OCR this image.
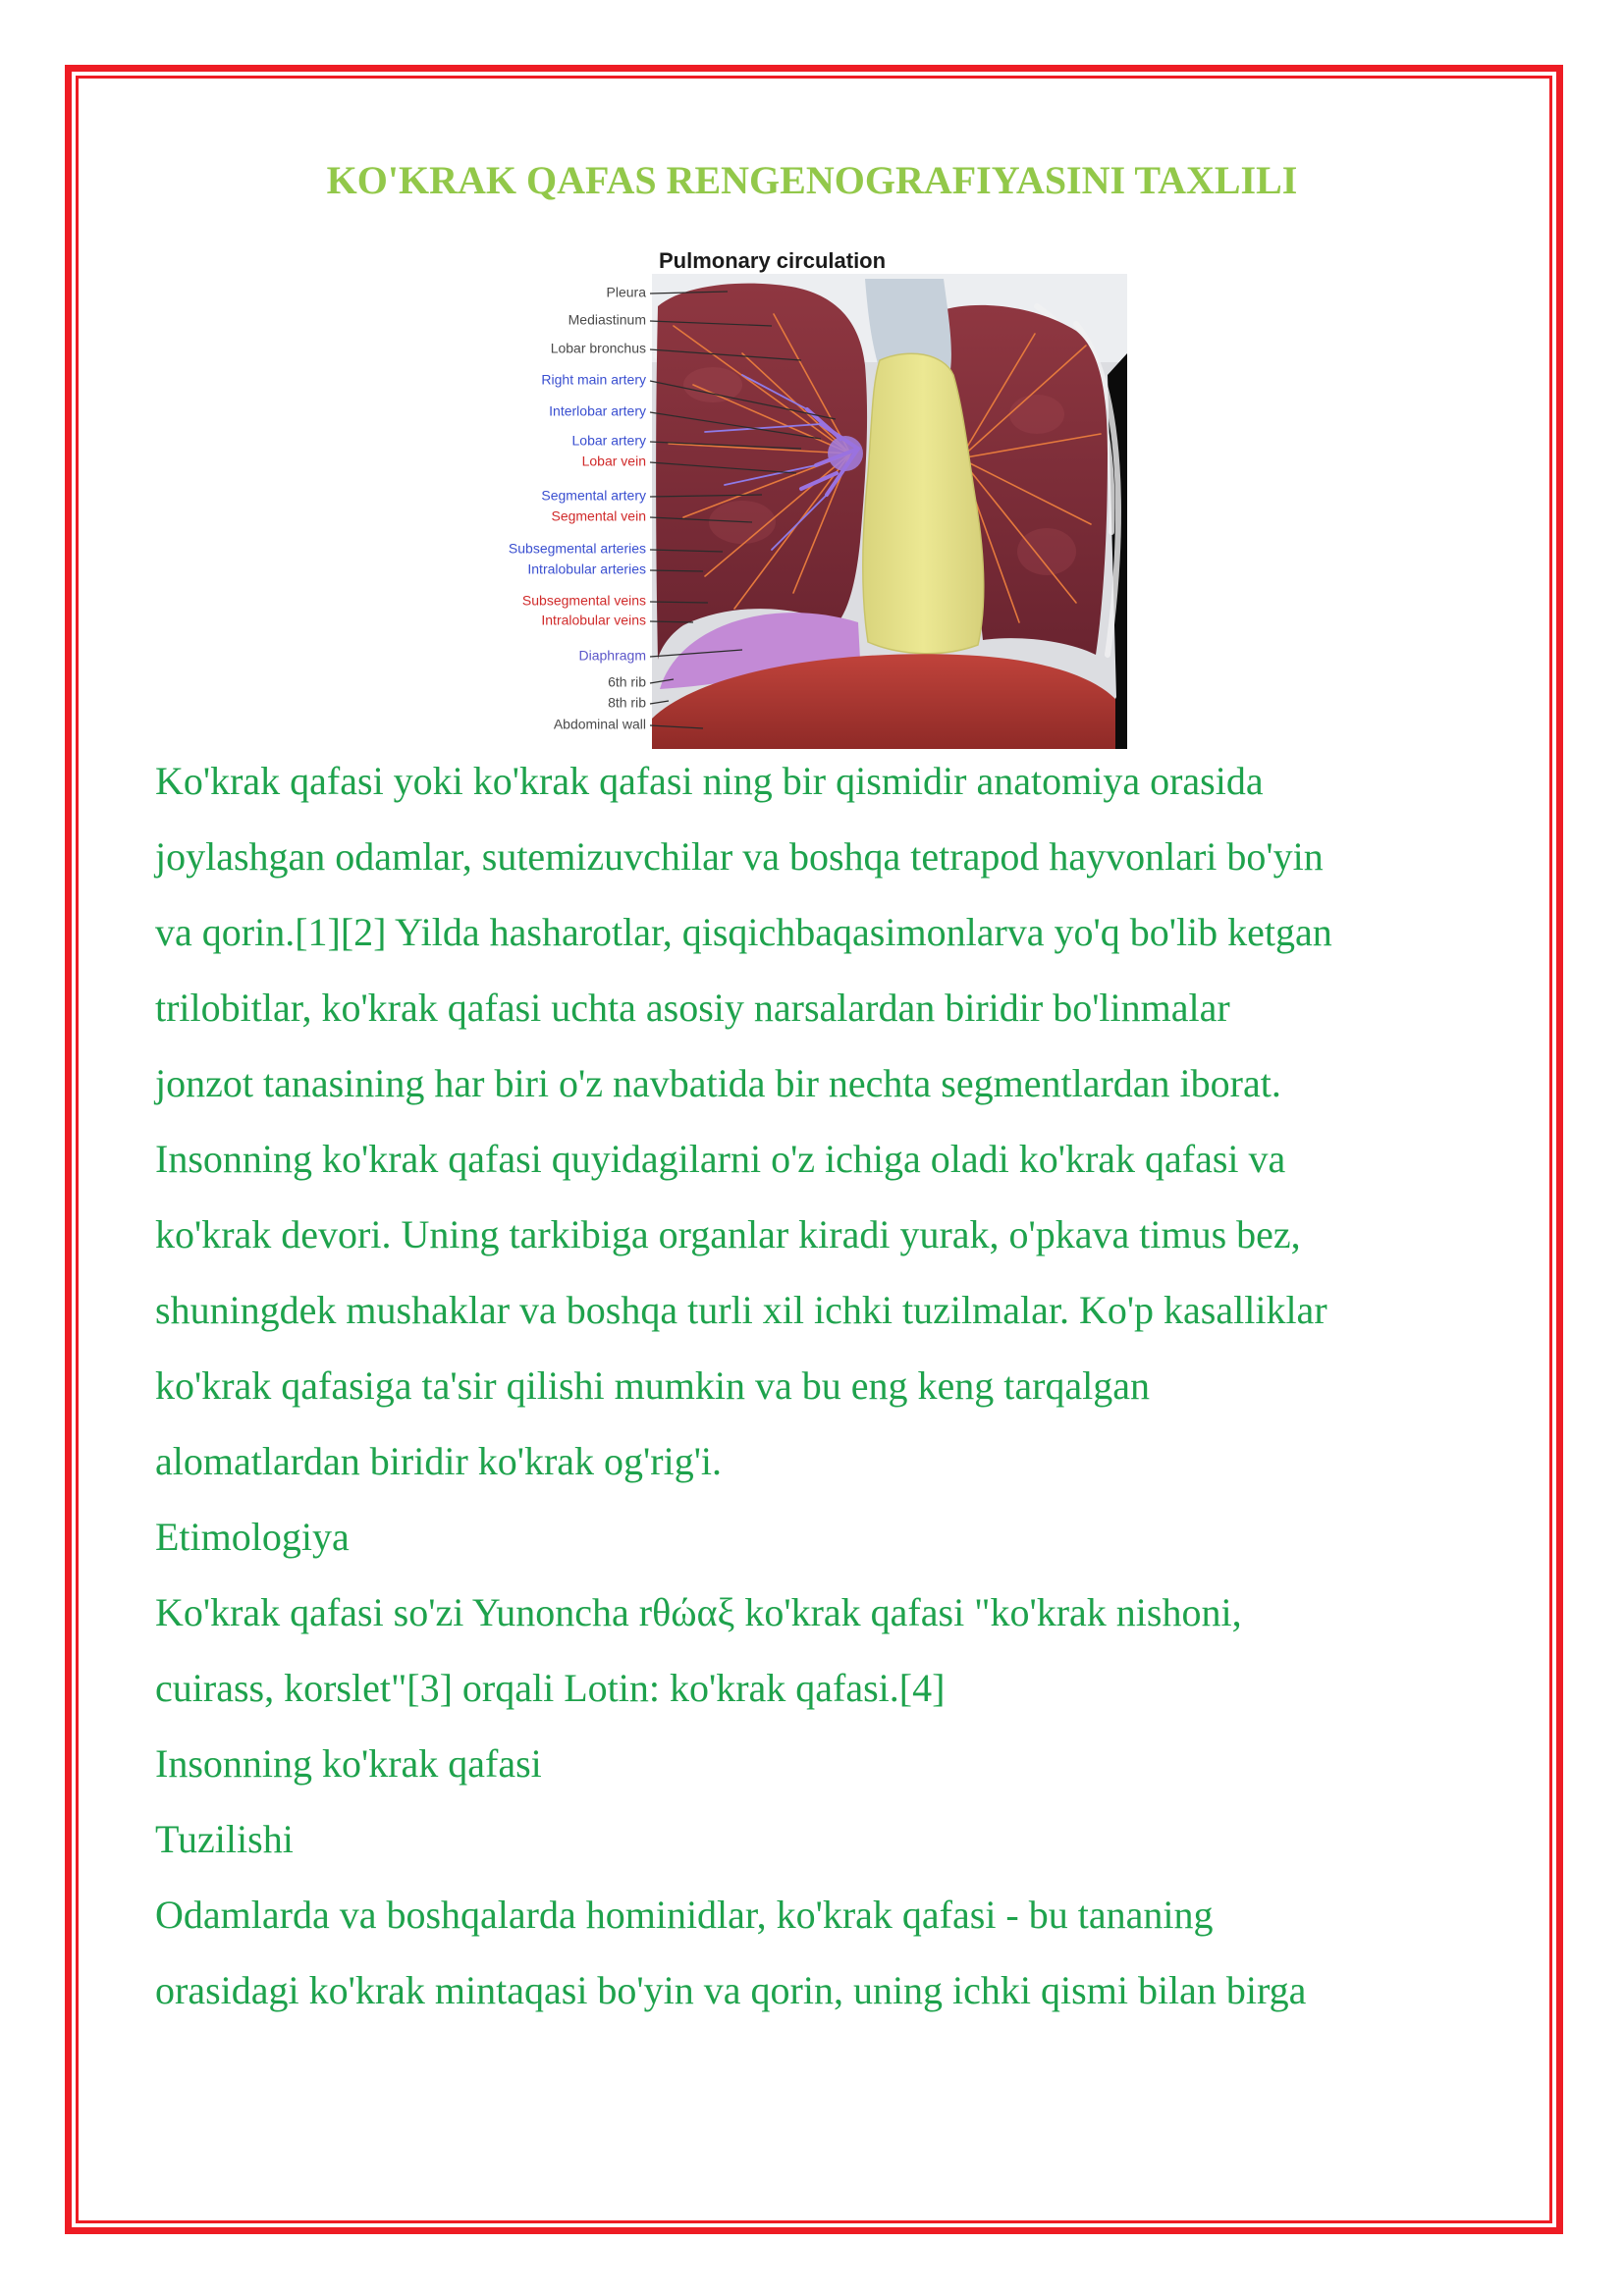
KO'KRAK QAFAS RENGENOGRAFIYASINI TAXLILI
Pulmonary circulation
Pleura
Mediastinum
Lobar bronchus
Right main artery
Interlobar artery
Lobar artery
Lobar vein
Segmental artery
Segmental vein
Subsegmental arteries
Intralobular arteries
Subsegmental veins
Intralobular veins
Diaphragm
6th rib
8th rib
Abdominal wall
Ko'krak qafasi yoki ko'krak qafasi ning bir qismidir anatomiya orasida
joylashgan odamlar, sutemizuvchilar va boshqa tetrapod hayvonlari bo'yin
va qorin.[1][2] Yilda hasharotlar, qisqichbaqasimonlarva yo'q bo'lib ketgan
trilobitlar, ko'krak qafasi uchta asosiy narsalardan biridir bo'linmalar
jonzot tanasining har biri o'z navbatida bir nechta segmentlardan iborat.
Insonning ko'krak qafasi quyidagilarni o'z ichiga oladi ko'krak qafasi va
ko'krak devori. Uning tarkibiga organlar kiradi yurak, o'pkava timus bez,
shuningdek mushaklar va boshqa turli xil ichki tuzilmalar. Ko'p kasalliklar
ko'krak qafasiga ta'sir qilishi mumkin va bu eng keng tarqalgan
alomatlardan biridir ko'krak og'rig'i.
Etimologiya
Ko'krak qafasi so'zi Yunoncha rθώαξ ko'krak qafasi "ko'krak nishoni,
cuirass, korslet"[3] orqali Lotin: ko'krak qafasi.[4]
Insonning ko'krak qafasi
Tuzilishi
Odamlarda va boshqalarda hominidlar, ko'krak qafasi - bu tananing
orasidagi ko'krak mintaqasi bo'yin va qorin, uning ichki qismi bilan birga
